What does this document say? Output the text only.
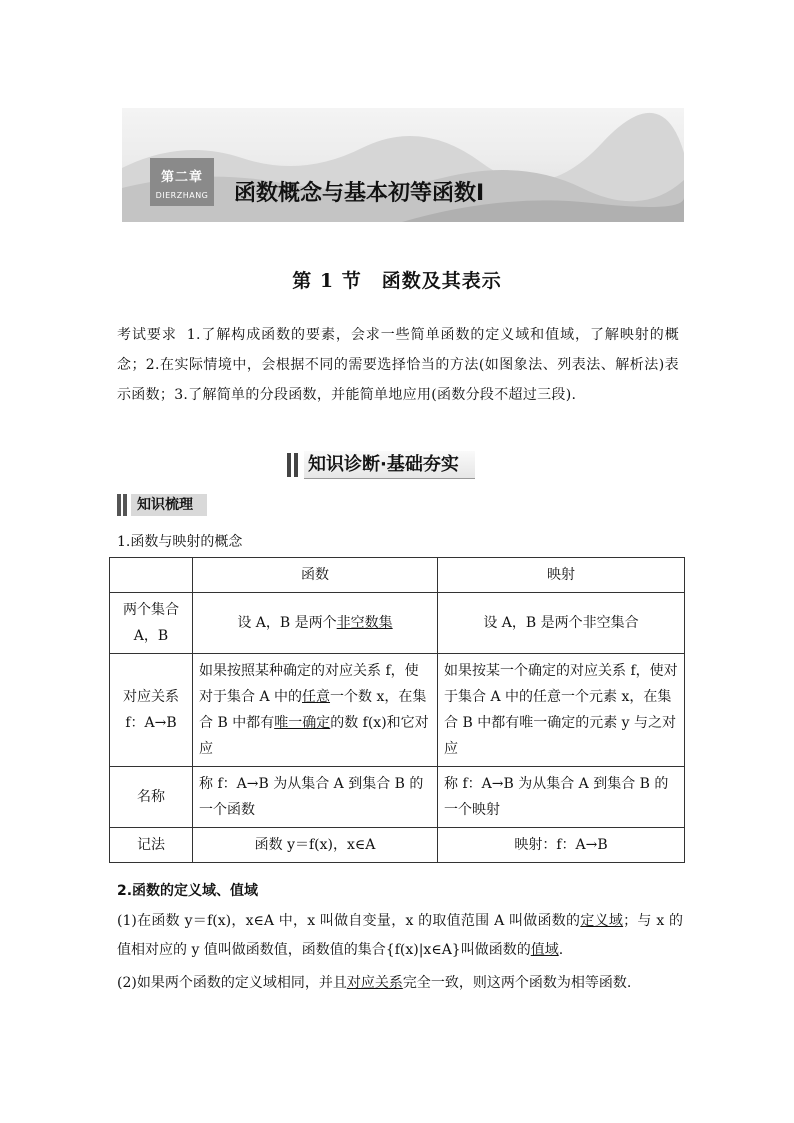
第二章
DIERZHANG 函数概念与基本初等函数Ⅰ
第 1 节　函数及其表示
考试要求 1.了解构成函数的要素，会求一些简单函数的定义域和值域，了解映射的概念；2.在实际情境中，会根据不同的需要选择恰当的方法(如图象法、列表法、解析法)表示函数；3.了解简单的分段函数，并能简单地应用(函数分段不超过三段).
知识诊断·基础夯实
知识梳理
1.函数与映射的概念
	函数	映射
两个集合A，B	设 A，B 是两个非空数集	设 A，B 是两个非空集合
对应关系f：A→B	如果按照某种确定的对应关系 f，使对于集合 A 中的任意一个数 x，在集合 B 中都有唯一确定的数 f(x)和它对应	如果按某一个确定的对应关系 f，使对于集合 A 中的任意一个元素 x，在集合 B 中都有唯一确定的元素 y 与之对应
名称	称 f：A→B 为从集合 A 到集合 B 的一个函数	称 f：A→B 为从集合 A 到集合 B 的一个映射
记法	函数 y＝f(x)，x∈A	映射：f：A→B
2.函数的定义域、值域
(1)在函数 y＝f(x)，x∈A 中，x 叫做自变量，x 的取值范围 A 叫做函数的定义域；与 x 的值相对应的 y 值叫做函数值，函数值的集合{f(x)|x∈A}叫做函数的值域.
(2)如果两个函数的定义域相同，并且对应关系完全一致，则这两个函数为相等函数.
